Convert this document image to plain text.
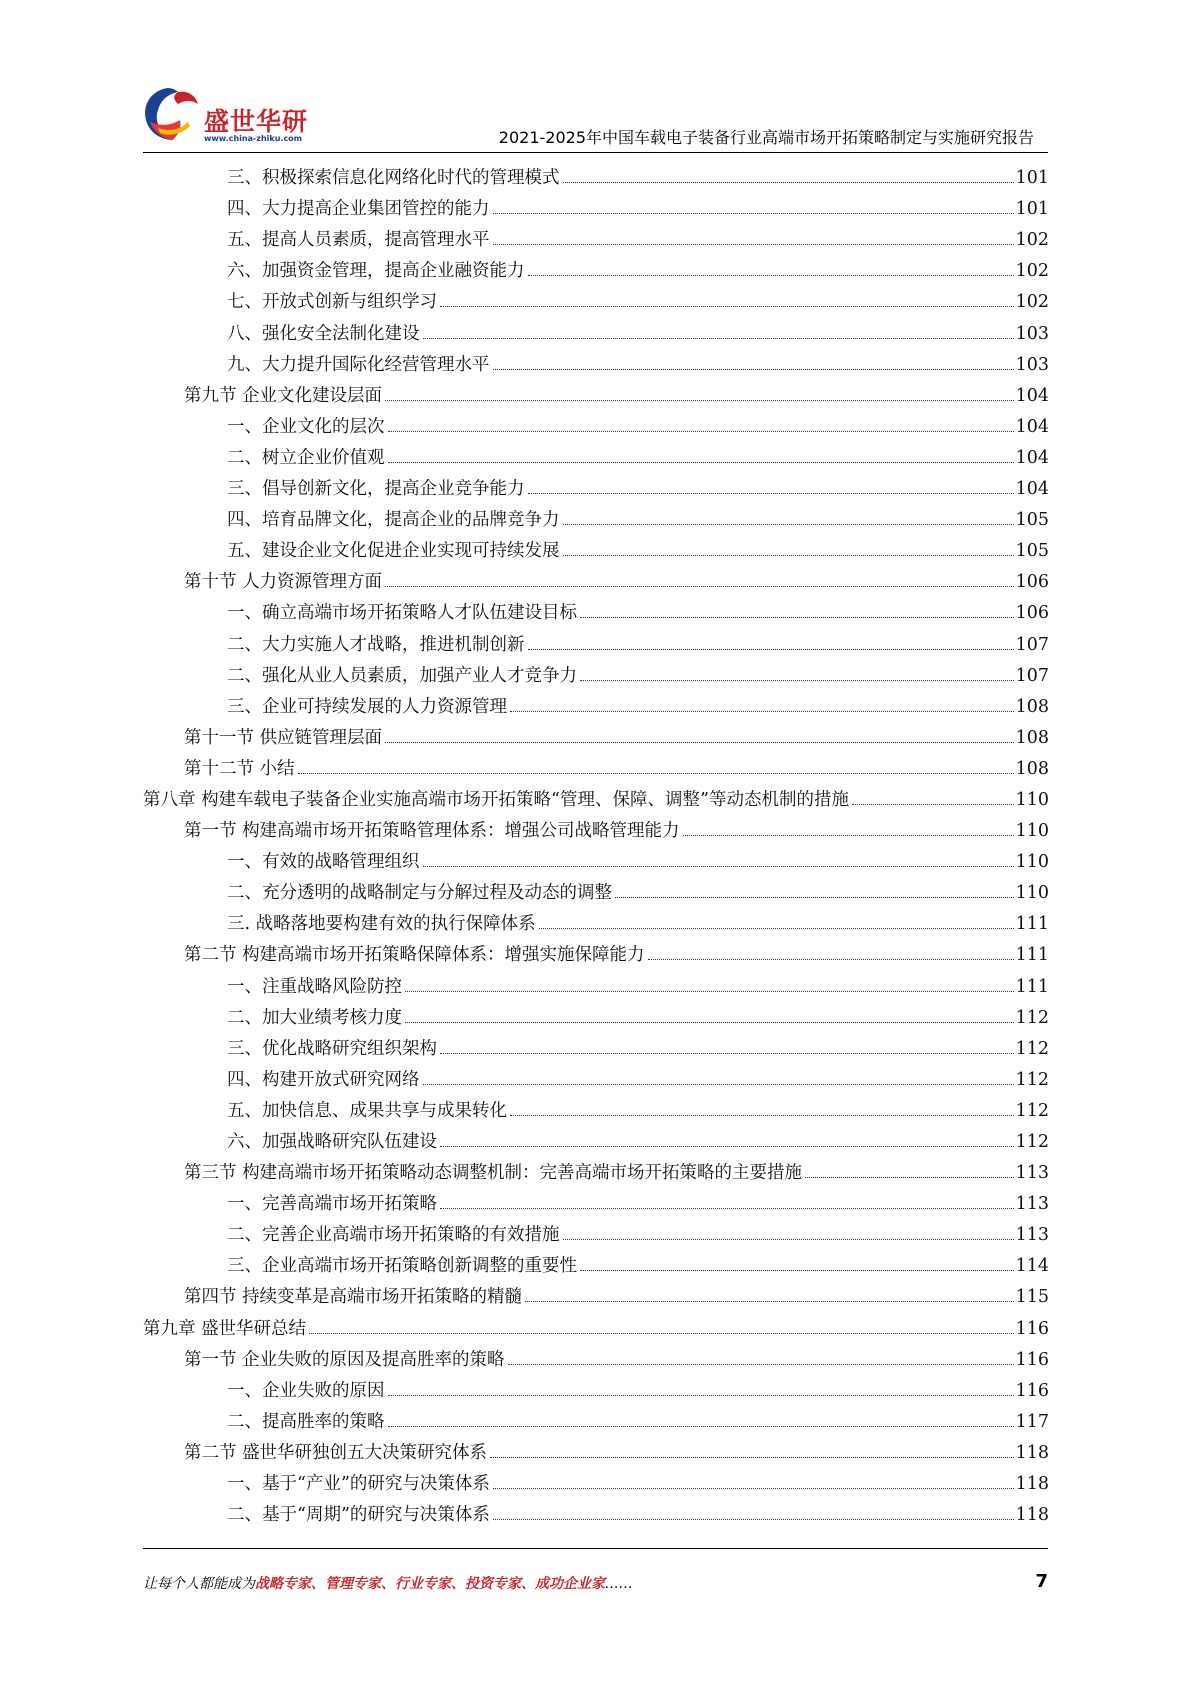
盛世华研
www.china-zhiku.com	2021-2025年中国车载电子装备行业高端市场开拓策略制定与实施研究报告
三、积极探索信息化网络化时代的管理模式	101
四、大力提高企业集团管控的能力	101
五、提高人员素质，提高管理水平	102
六、加强资金管理，提高企业融资能力	102
七、开放式创新与组织学习	102
八、强化安全法制化建设	103
九、大力提升国际化经营管理水平	103
第九节 企业文化建设层面	104
一、企业文化的层次	104
二、树立企业价值观	104
三、倡导创新文化，提高企业竞争能力	104
四、培育品牌文化，提高企业的品牌竞争力	105
五、建设企业文化促进企业实现可持续发展	105
第十节 人力资源管理方面	106
一、确立高端市场开拓策略人才队伍建设目标	106
二、大力实施人才战略，推进机制创新	107
二、强化从业人员素质，加强产业人才竞争力	107
三、企业可持续发展的人力资源管理	108
第十一节 供应链管理层面	108
第十二节 小结	108
第八章 构建车载电子装备企业实施高端市场开拓策略“管理、保障、调整”等动态机制的措施	110
第一节 构建高端市场开拓策略管理体系：增强公司战略管理能力	110
一、有效的战略管理组织	110
二、充分透明的战略制定与分解过程及动态的调整	110
三. 战略落地要构建有效的执行保障体系	111
第二节 构建高端市场开拓策略保障体系：增强实施保障能力	111
一、注重战略风险防控	111
二、加大业绩考核力度	112
三、优化战略研究组织架构	112
四、构建开放式研究网络	112
五、加快信息、成果共享与成果转化	112
六、加强战略研究队伍建设	112
第三节 构建高端市场开拓策略动态调整机制：完善高端市场开拓策略的主要措施	113
一、完善高端市场开拓策略	113
二、完善企业高端市场开拓策略的有效措施	113
三、企业高端市场开拓策略创新调整的重要性	114
第四节 持续变革是高端市场开拓策略的精髓	115
第九章 盛世华研总结	116
第一节 企业失败的原因及提高胜率的策略	116
一、企业失败的原因	116
二、提高胜率的策略	117
第二节 盛世华研独创五大决策研究体系	118
一、基于“产业”的研究与决策体系	118
二、基于“周期”的研究与决策体系	118
让每个人都能成为战略专家、管理专家、行业专家、投资专家、成功企业家……	7
